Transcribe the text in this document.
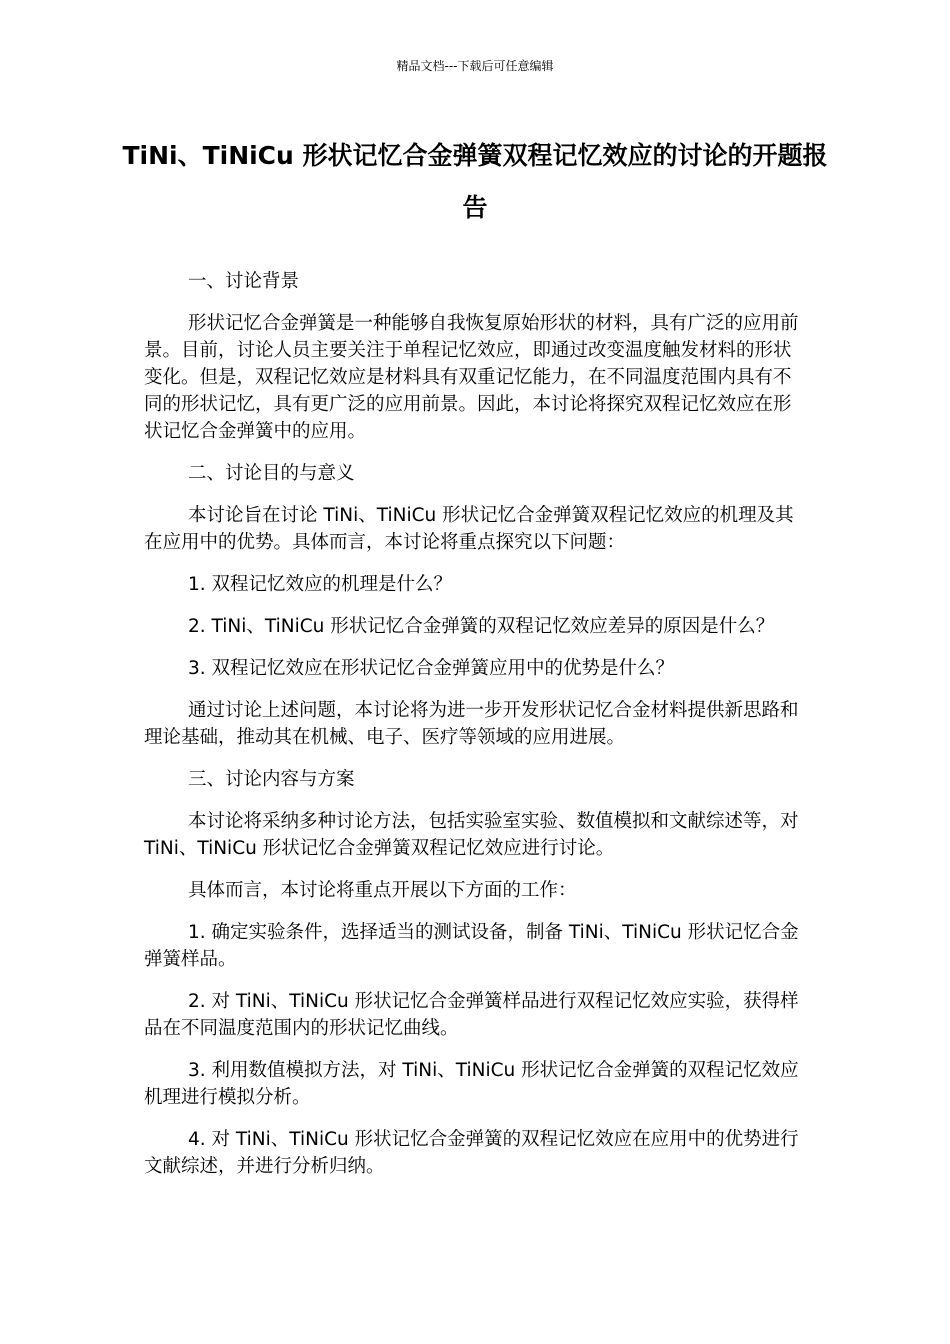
精品文档---下载后可任意编辑
TiNi、TiNiCu 形状记忆合金弹簧双程记忆效应的讨论的开题报告

一、讨论背景

形状记忆合金弹簧是一种能够自我恢复原始形状的材料，具有广泛的应用前景。目前，讨论人员主要关注于单程记忆效应，即通过改变温度触发材料的形状变化。但是，双程记忆效应是材料具有双重记忆能力，在不同温度范围内具有不同的形状记忆，具有更广泛的应用前景。因此，本讨论将探究双程记忆效应在形状记忆合金弹簧中的应用。

二、讨论目的与意义

本讨论旨在讨论 TiNi、TiNiCu 形状记忆合金弹簧双程记忆效应的机理及其在应用中的优势。具体而言，本讨论将重点探究以下问题：

1. 双程记忆效应的机理是什么？

2. TiNi、TiNiCu 形状记忆合金弹簧的双程记忆效应差异的原因是什么？

3. 双程记忆效应在形状记忆合金弹簧应用中的优势是什么？

通过讨论上述问题，本讨论将为进一步开发形状记忆合金材料提供新思路和理论基础，推动其在机械、电子、医疗等领域的应用进展。

三、讨论内容与方案

本讨论将采纳多种讨论方法，包括实验室实验、数值模拟和文献综述等，对 TiNi、TiNiCu 形状记忆合金弹簧双程记忆效应进行讨论。

具体而言，本讨论将重点开展以下方面的工作：

1. 确定实验条件，选择适当的测试设备，制备 TiNi、TiNiCu 形状记忆合金弹簧样品。

2. 对 TiNi、TiNiCu 形状记忆合金弹簧样品进行双程记忆效应实验，获得样品在不同温度范围内的形状记忆曲线。

3. 利用数值模拟方法，对 TiNi、TiNiCu 形状记忆合金弹簧的双程记忆效应机理进行模拟分析。

4. 对 TiNi、TiNiCu 形状记忆合金弹簧的双程记忆效应在应用中的优势进行文献综述，并进行分析归纳。
